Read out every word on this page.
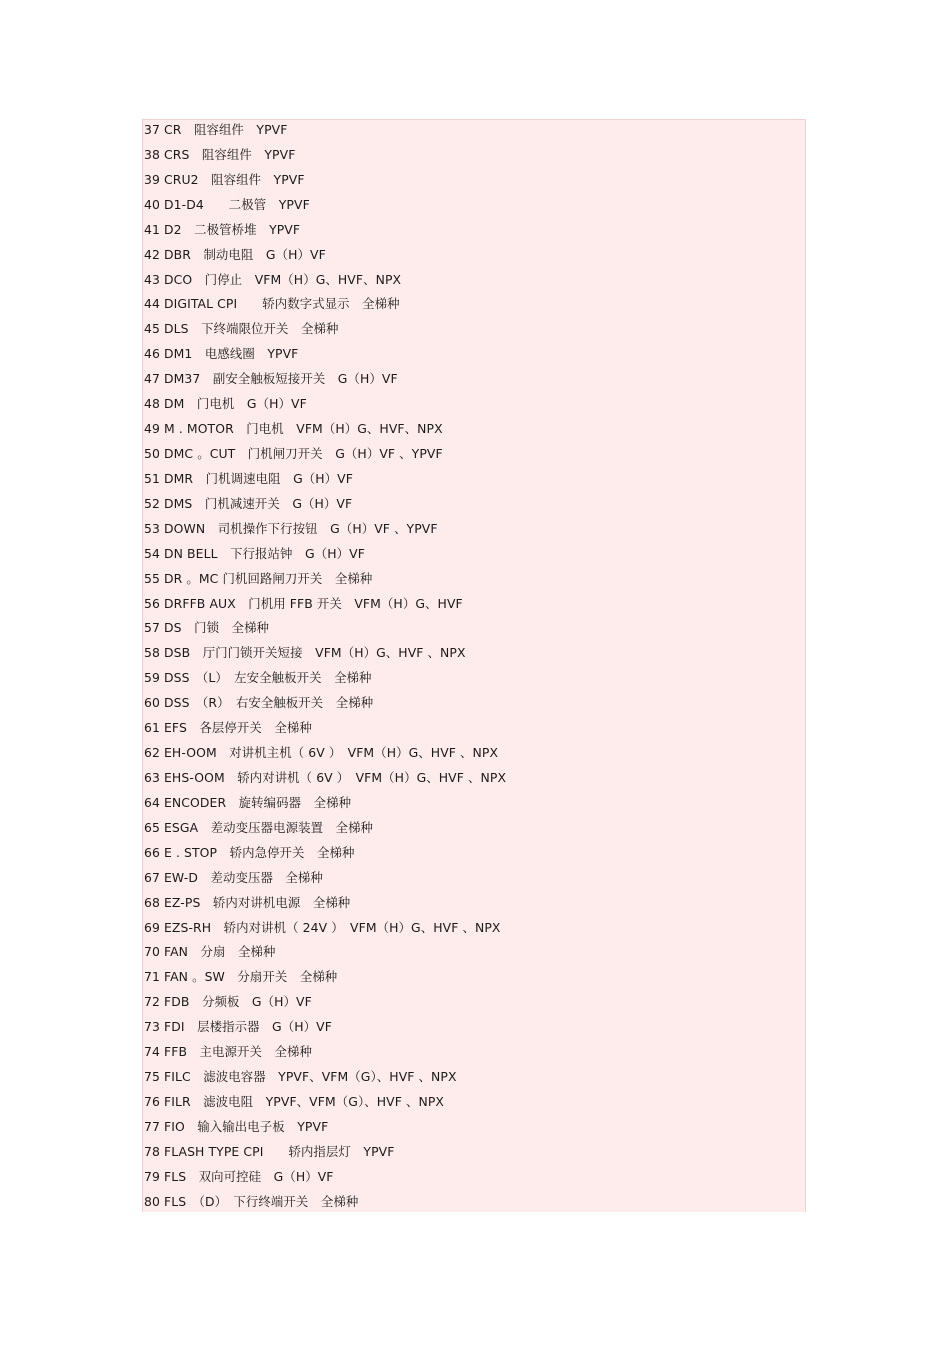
37 CR　阻容组件　YPVF
38 CRS　阻容组件　YPVF
39 CRU2　阻容组件　YPVF
40 D1-D4　　二极管　YPVF
41 D2　二极管桥堆　YPVF
42 DBR　制动电阻　G（H）VF
43 DCO　门停止　VFM（H）G、HVF、NPX
44 DIGITAL CPI　　轿内数字式显示　全梯种
45 DLS　下终端限位开关　全梯种
46 DM1　电感线圈　YPVF
47 DM37　副安全触板短接开关　G（H）VF
48 DM　门电机　G（H）VF
49 M . MOTOR　门电机　VFM（H）G、HVF、NPX
50 DMC 。CUT　门机闸刀开关　G（H）VF 、YPVF
51 DMR　门机调速电阻　G（H）VF
52 DMS　门机减速开关　G（H）VF
53 DOWN　司机操作下行按钮　G（H）VF 、YPVF
54 DN BELL　下行报站钟　G（H）VF
55 DR 。MC 门机回路闸刀开关　全梯种
56 DRFFB AUX　门机用 FFB 开关　VFM（H）G、HVF
57 DS　门锁　全梯种
58 DSB　厅门门锁开关短接　VFM（H）G、HVF 、NPX
59 DSS　（L）　左安全触板开关　全梯种
60 DSS　（R）　右安全触板开关　全梯种
61 EFS　各层停开关　全梯种
62 EH-OOM　对讲机主机（ 6V ）　VFM（H）G、HVF 、NPX
63 EHS-OOM　轿内对讲机（ 6V ）　VFM（H）G、HVF 、NPX
64 ENCODER　旋转编码器　全梯种
65 ESGA　差动变压器电源装置　全梯种
66 E . STOP　轿内急停开关　全梯种
67 EW-D　差动变压器　全梯种
68 EZ-PS　轿内对讲机电源　全梯种
69 EZS-RH　轿内对讲机（ 24V ）　VFM（H）G、HVF 、NPX
70 FAN　分扇　全梯种
71 FAN 。SW　分扇开关　全梯种
72 FDB　分频板　G（H）VF
73 FDI　层楼指示器　G（H）VF
74 FFB　主电源开关　全梯种
75 FILC　滤波电容器　YPVF、VFM（G）、HVF 、NPX
76 FILR　滤波电阻　YPVF、VFM（G）、HVF 、NPX
77 FIO　输入输出电子板　YPVF
78 FLASH TYPE CPI　　轿内指层灯　YPVF
79 FLS　双向可控硅　G（H）VF
80 FLS　（D）　下行终端开关　全梯种
